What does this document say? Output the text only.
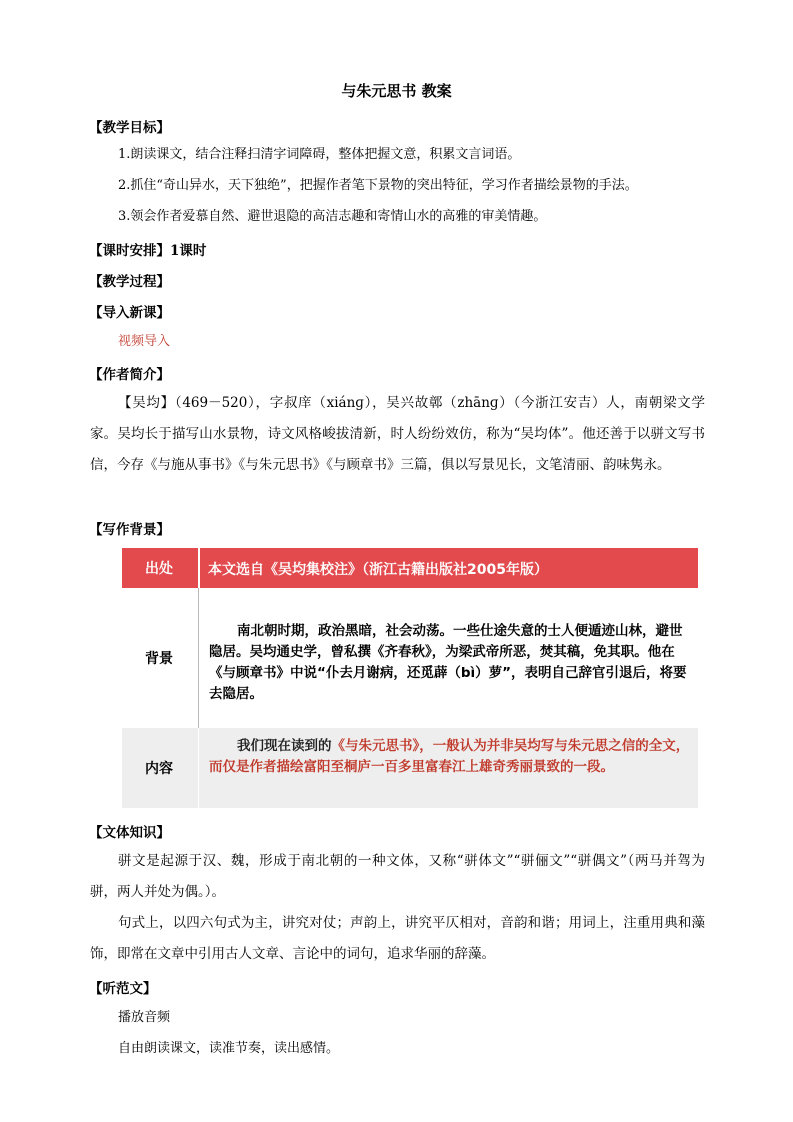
与朱元思书 教案
【教学目标】
1.朗读课文，结合注释扫清字词障碍，整体把握文意，积累文言词语。
2.抓住“奇山异水，天下独绝”，把握作者笔下景物的突出特征，学习作者描绘景物的手法。
3.领会作者爱慕自然、避世退隐的高洁志趣和寄情山水的高雅的审美情趣。
【课时安排】1课时
【教学过程】
【导入新课】
视频导入
【作者简介】
【吴均】（469－520），字叔庠（xiánɡ），吴兴故鄣（zhānɡ）（今浙江安吉）人，南朝梁文学家。吴均长于描写山水景物，诗文风格峻拔清新，时人纷纷效仿，称为“吴均体”。他还善于以骈文写书信，今存《与施从事书》《与朱元思书》《与顾章书》三篇，俱以写景见长，文笔清丽、韵味隽永。
【写作背景】
出处	本文选自《吴均集校注》（浙江古籍出版社2005年版）
背景
南北朝时期，政治黑暗，社会动荡。一些仕途失意的士人便遁迹山林，避世隐居。吴均通史学，曾私撰《齐春秋》，为梁武帝所恶，焚其稿，免其职。他在《与顾章书》中说“仆去月谢病，还觅薜（bì）萝”，表明自己辞官引退后，将要去隐居。
内容
我们现在读到的《与朱元思书》，一般认为并非吴均写与朱元思之信的全文，而仅是作者描绘富阳至桐庐一百多里富春江上雄奇秀丽景致的一段。
【文体知识】
骈文是起源于汉、魏，形成于南北朝的一种文体，又称“骈体文”“骈俪文”“骈偶文”（两马并驾为骈，两人并处为偶。）。
句式上，以四六句式为主，讲究对仗；声韵上，讲究平仄相对，音韵和谐；用词上，注重用典和藻饰，即常在文章中引用古人文章、言论中的词句，追求华丽的辞藻。
【听范文】
播放音频
自由朗读课文，读准节奏，读出感情。
